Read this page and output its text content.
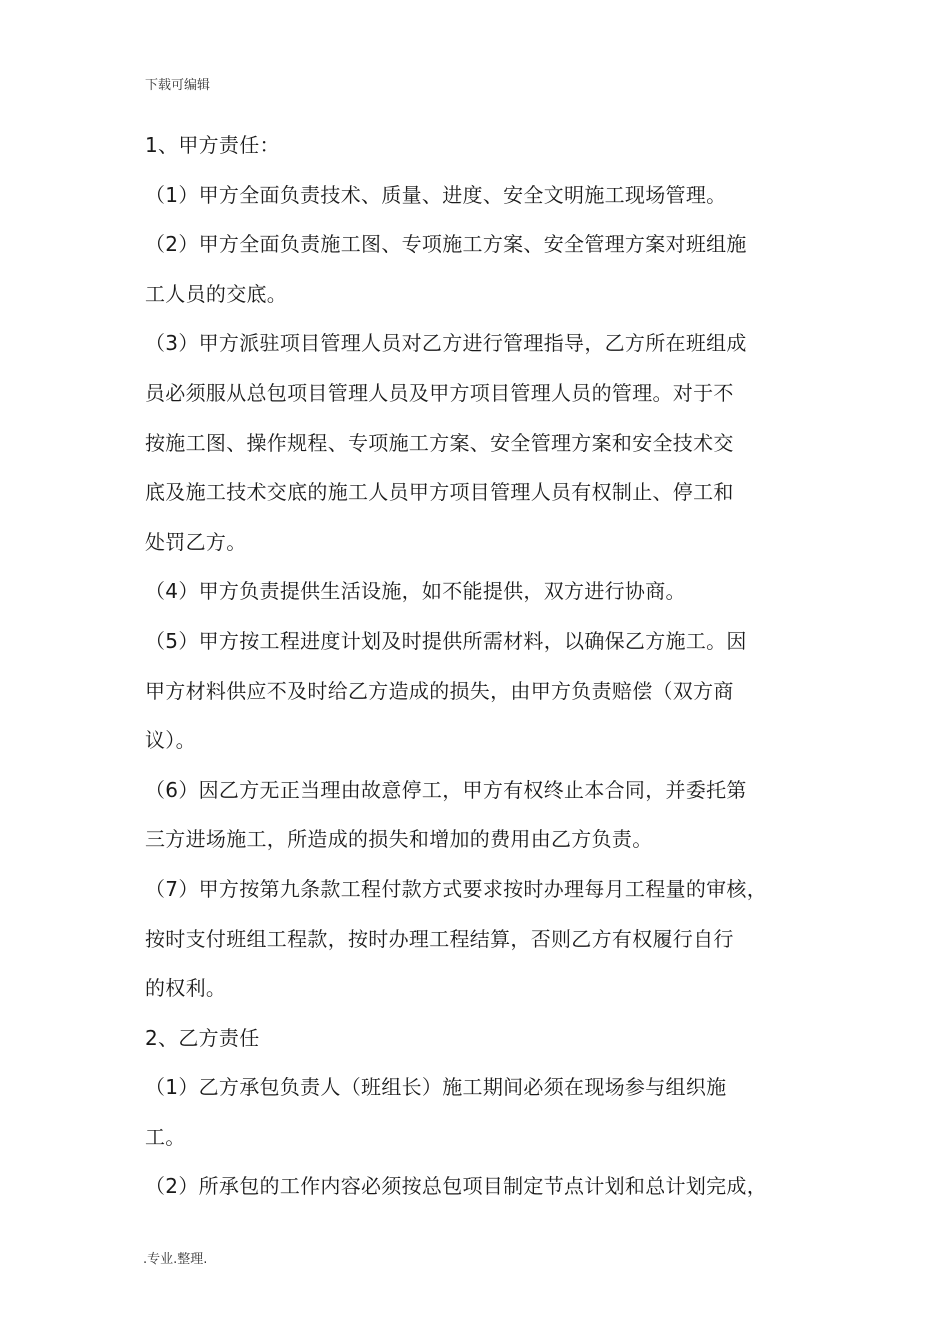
下载可编辑
1、甲方责任：
（1）甲方全面负责技术、质量、进度、安全文明施工现场管理。
（2）甲方全面负责施工图、专项施工方案、安全管理方案对班组施
工人员的交底。
（3）甲方派驻项目管理人员对乙方进行管理指导，乙方所在班组成
员必须服从总包项目管理人员及甲方项目管理人员的管理。对于不
按施工图、操作规程、专项施工方案、安全管理方案和安全技术交
底及施工技术交底的施工人员甲方项目管理人员有权制止、停工和
处罚乙方。
（4）甲方负责提供生活设施，如不能提供，双方进行协商。
（5）甲方按工程进度计划及时提供所需材料，以确保乙方施工。因
甲方材料供应不及时给乙方造成的损失，由甲方负责赔偿（双方商
议）。
（6）因乙方无正当理由故意停工，甲方有权终止本合同，并委托第
三方进场施工，所造成的损失和增加的费用由乙方负责。
（7）甲方按第九条款工程付款方式要求按时办理每月工程量的审核，
按时支付班组工程款，按时办理工程结算，否则乙方有权履行自行
的权利。
2、乙方责任
（1）乙方承包负责人（班组长）施工期间必须在现场参与组织施
工。
（2）所承包的工作内容必须按总包项目制定节点计划和总计划完成，
.专业.整理.
